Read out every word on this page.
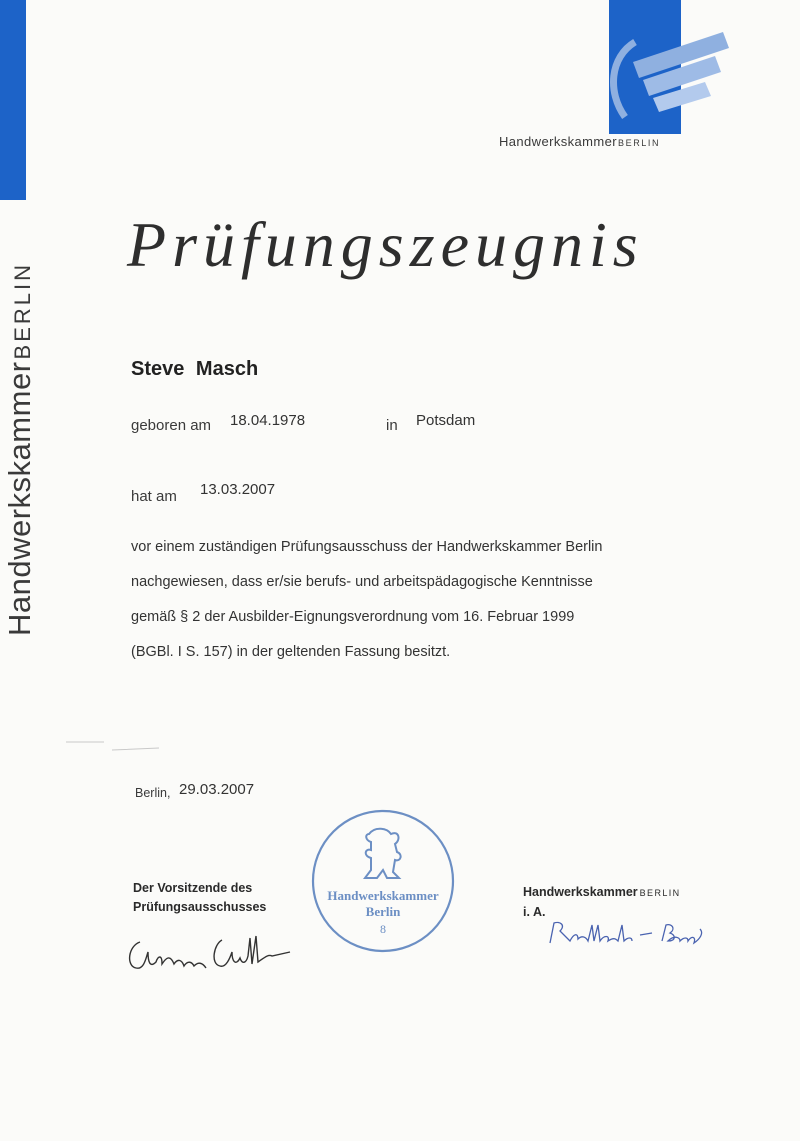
HandwerkskammerBERLIN
HandwerkskammerBERLIN
Prüfungszeugnis
Steve Masch
geboren am 18.04.1978	in Potsdam
hat am 13.03.2007
vor einem zuständigen Prüfungsausschuss der Handwerkskammer Berlin
nachgewiesen, dass er/sie berufs- und arbeitspädagogische Kenntnisse
gemäß § 2 der Ausbilder-Eignungsverordnung vom 16. Februar 1999
(BGBl. I S. 157) in der geltenden Fassung besitzt.
Berlin, 29.03.2007
Der Vorsitzende des
Prüfungsausschusses
Handwerkskammer
Berlin
8
Handwerkskammer BERLIN
i. A.
